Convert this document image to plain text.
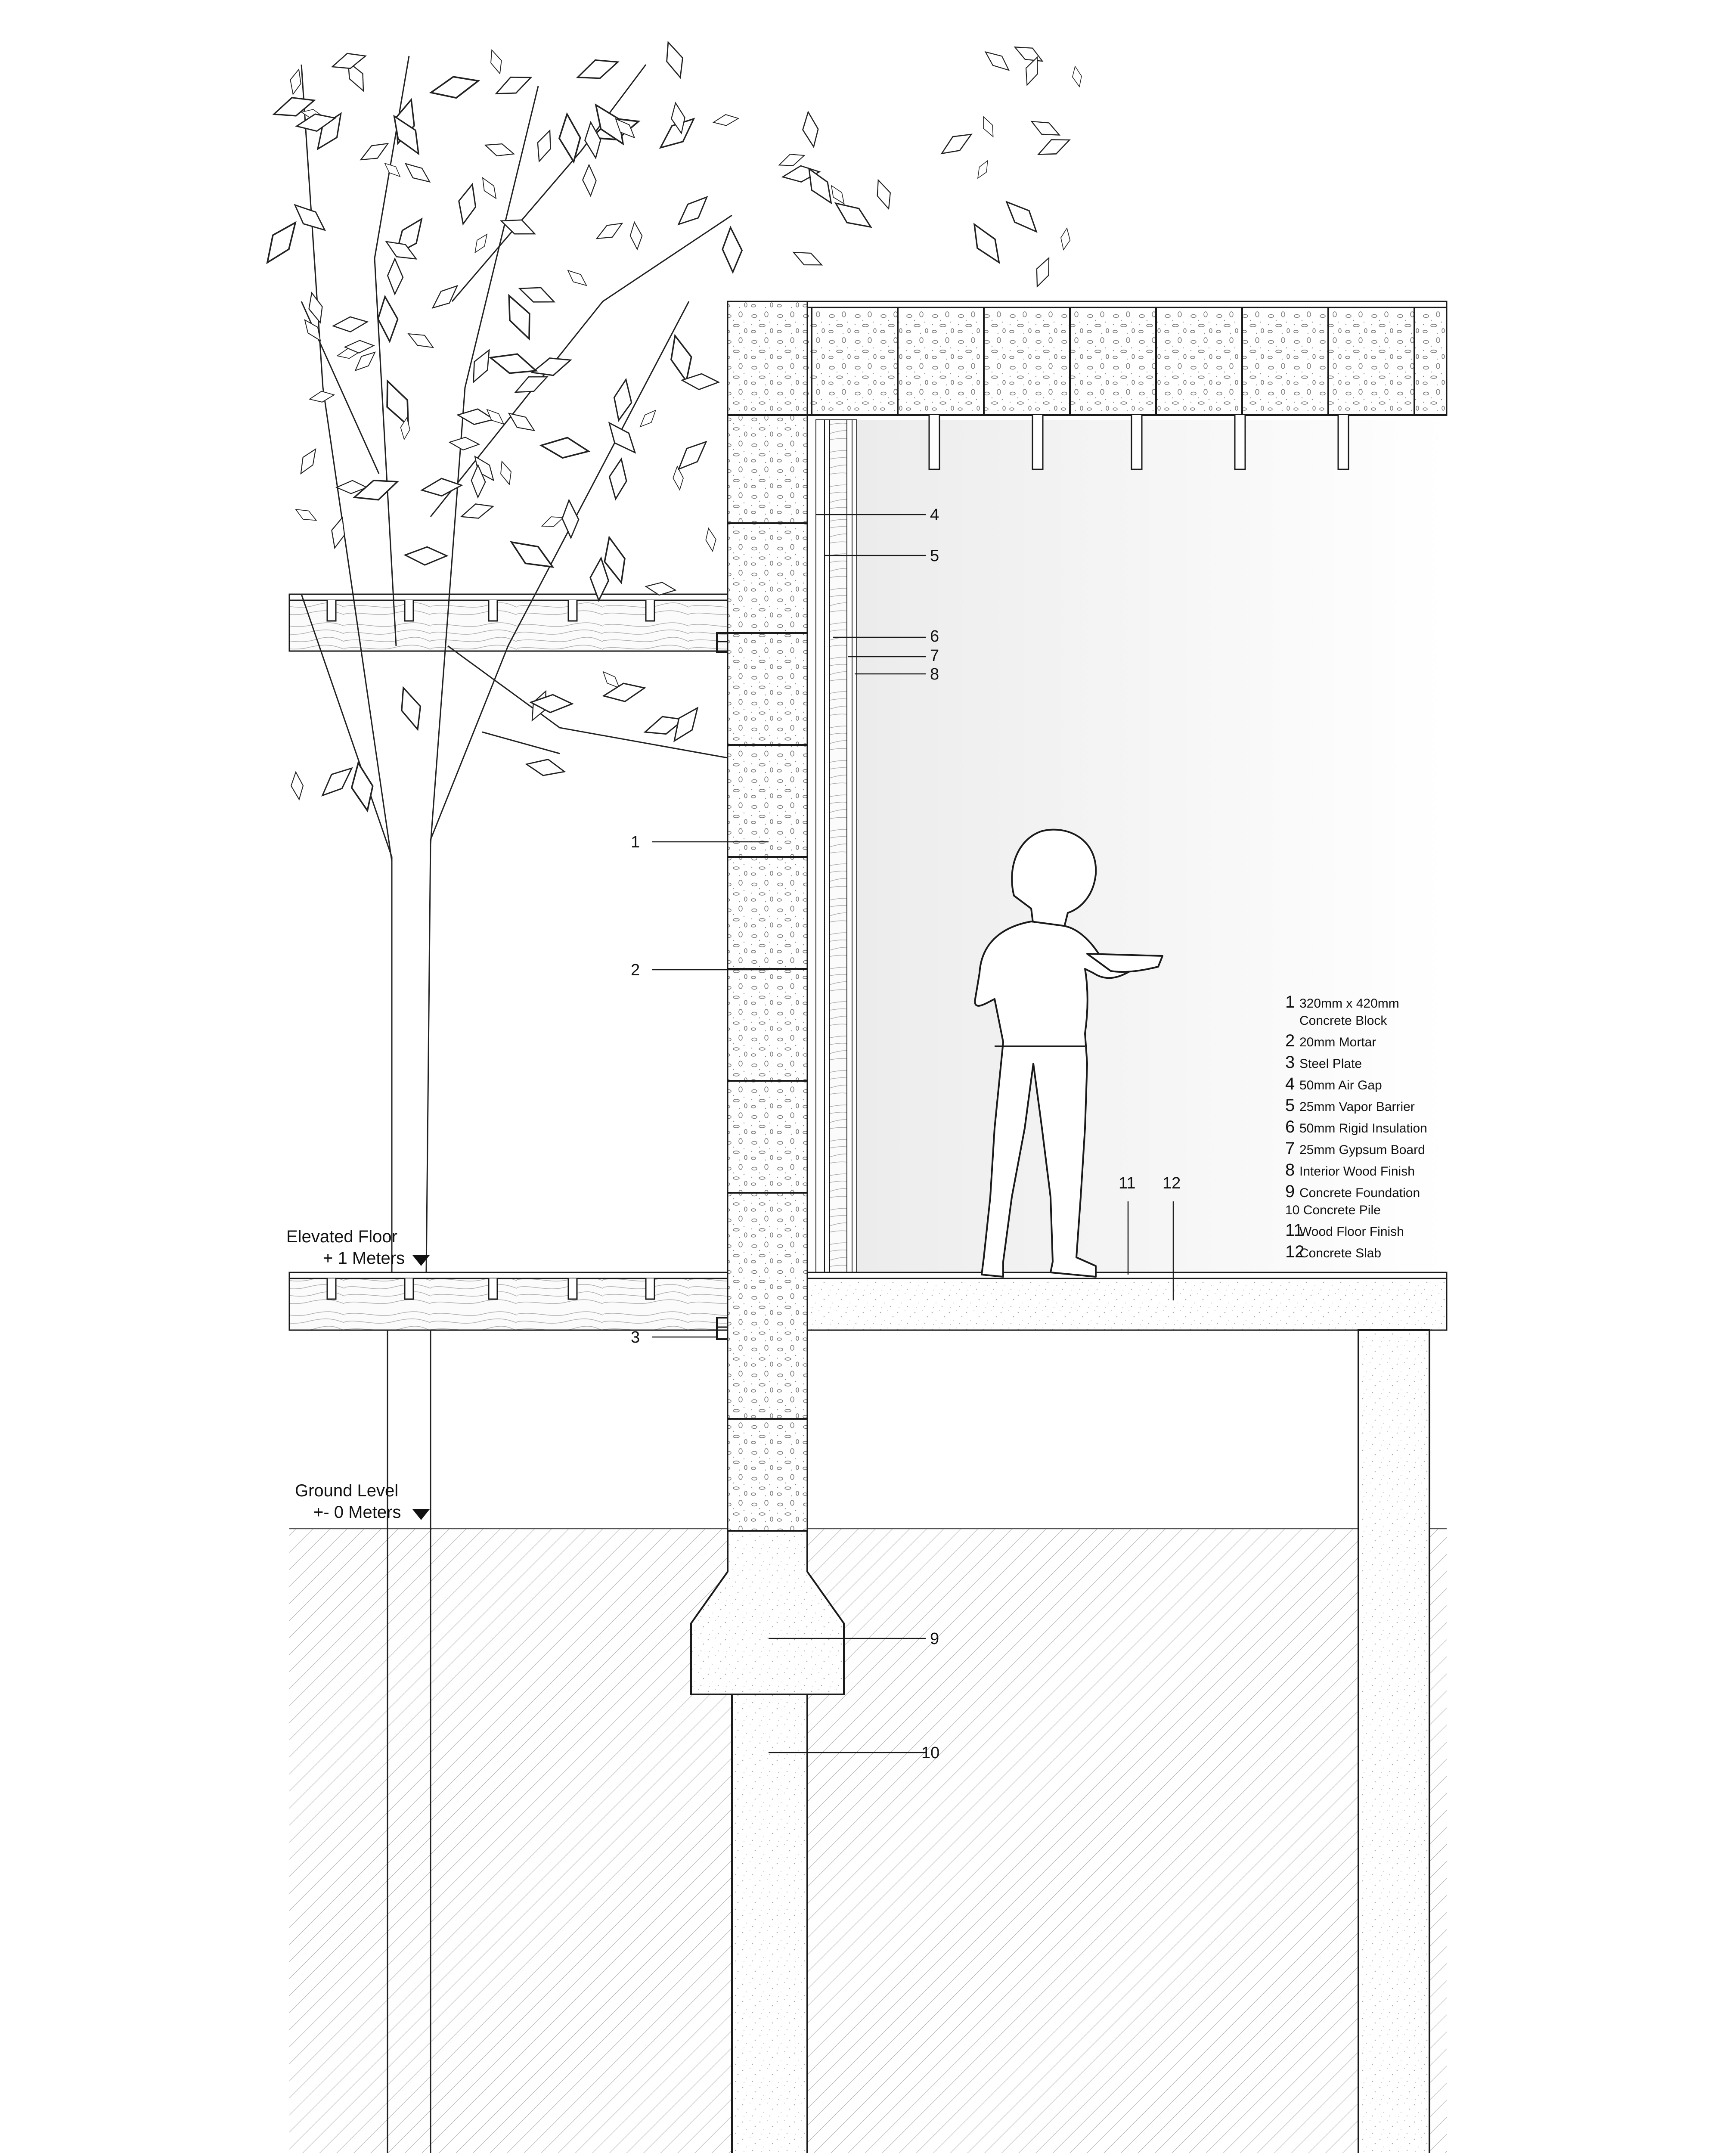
1
2
3
4
5
6
7
8
9
10
11 12
Elevated Floor
+ 1 Meters
Ground Level
+- 0 Meters
1 320mm x 420mm
Concrete Block
2 20mm Mortar
3 Steel Plate
4 50mm Air Gap
5 25mm Vapor Barrier
6 50mm Rigid Insulation
7 25mm Gypsum Board
8 Interior Wood Finish
9 Concrete Foundation
10 Concrete Pile
11
Wood Floor Finish
12
Concrete Slab
